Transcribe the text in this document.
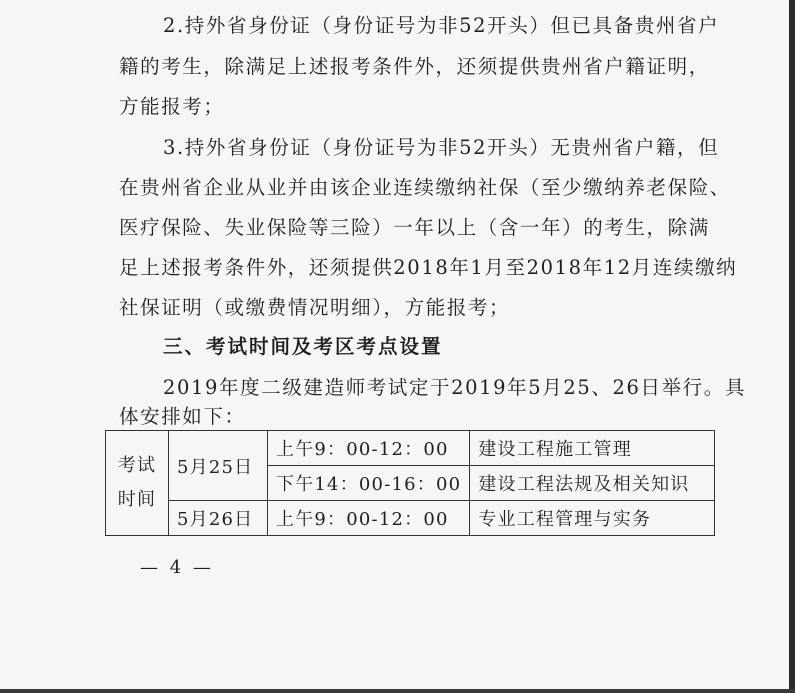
2.持外省身份证（身份证号为非52开头）但已具备贵州省户
籍的考生，除满足上述报考条件外，还须提供贵州省户籍证明，
方能报考；
3.持外省身份证（身份证号为非52开头）无贵州省户籍，但
在贵州省企业从业并由该企业连续缴纳社保（至少缴纳养老保险、
医疗保险、失业保险等三险）一年以上（含一年）的考生，除满
足上述报考条件外，还须提供2018年1月至2018年12月连续缴纳
社保证明（或缴费情况明细），方能报考；
三、考试时间及考区考点设置
2019年度二级建造师考试定于2019年5月25、26日举行。具
体安排如下：
考试时间	5月25日	上午9：00-12：00	建设工程施工管理
		下午14：00-16：00	建设工程法规及相关知识
	5月26日	上午9：00-12：00	专业工程管理与实务
— 4 —
